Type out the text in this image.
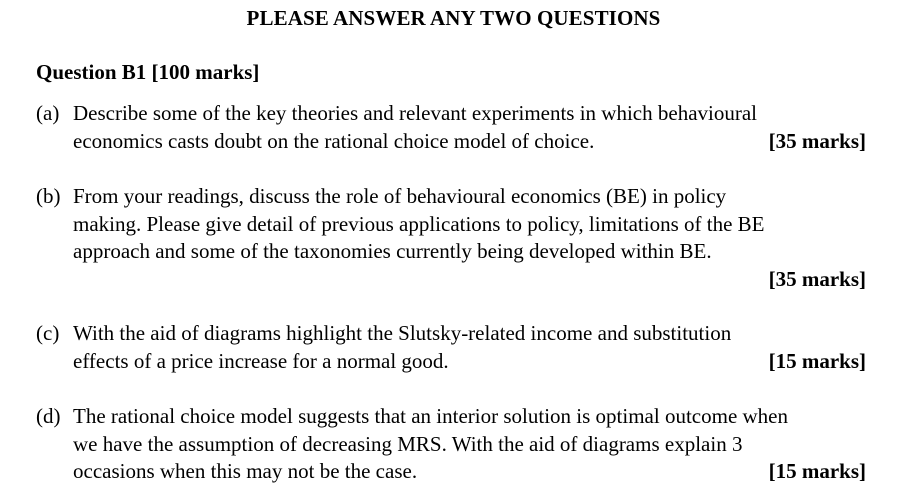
PLEASE ANSWER ANY TWO QUESTIONS
Question B1 [100 marks]
(a) Describe some of the key theories and relevant experiments in which behavioural
economics casts doubt on the rational choice model of choice.	[35 marks]
(b) From your readings, discuss the role of behavioural economics (BE) in policy
making. Please give detail of previous applications to policy, limitations of the BE
approach and some of the taxonomies currently being developed within BE.
[35 marks]
(c) With the aid of diagrams highlight the Slutsky-related income and substitution
effects of a price increase for a normal good.	[15 marks]
(d) The rational choice model suggests that an interior solution is optimal outcome when
we have the assumption of decreasing MRS. With the aid of diagrams explain 3
occasions when this may not be the case.	[15 marks]
